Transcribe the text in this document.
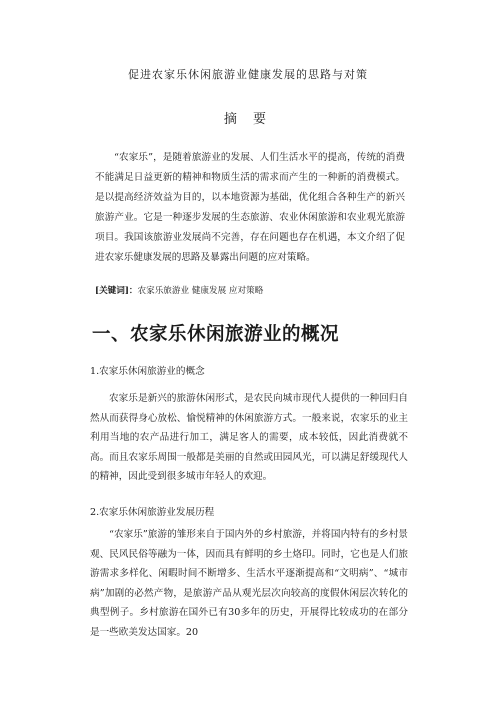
促进农家乐休闲旅游业健康发展的思路与对策
摘 要
“农家乐”，是随着旅游业的发展、人们生活水平的提高，传统的消费不能满足日益更新的精神和物质生活的需求而产生的一种新的消费模式。是以提高经济效益为目的，以本地资源为基础，优化组合各种生产的新兴旅游产业。它是一种逐步发展的生态旅游、农业休闲旅游和农业观光旅游项目。我国该旅游业发展尚不完善，存在问题也存在机遇，本文介绍了促进农家乐健康发展的思路及暴露出问题的应对策略。
[关键词]：农家乐旅游业 健康发展 应对策略
一、农家乐休闲旅游业的概况
1.农家乐休闲旅游业的概念
农家乐是新兴的旅游休闲形式，是农民向城市现代人提供的一种回归自然从而获得身心放松、愉悦精神的休闲旅游方式。一般来说，农家乐的业主利用当地的农产品进行加工，满足客人的需要，成本较低，因此消费就不高。而且农家乐周围一般都是美丽的自然或田园风光，可以满足舒缓现代人的精神，因此受到很多城市年轻人的欢迎。
2.农家乐休闲旅游业发展历程
“农家乐”旅游的雏形来自于国内外的乡村旅游，并将国内特有的乡村景观、民风民俗等融为一体，因而具有鲜明的乡土烙印。同时，它也是人们旅游需求多样化、闲暇时间不断增多、生活水平逐渐提高和“文明病”、“城市病”加剧的必然产物，是旅游产品从观光层次向较高的度假休闲层次转化的典型例子。乡村旅游在国外已有30多年的历史，开展得比较成功的在部分是一些欧美发达国家。20
